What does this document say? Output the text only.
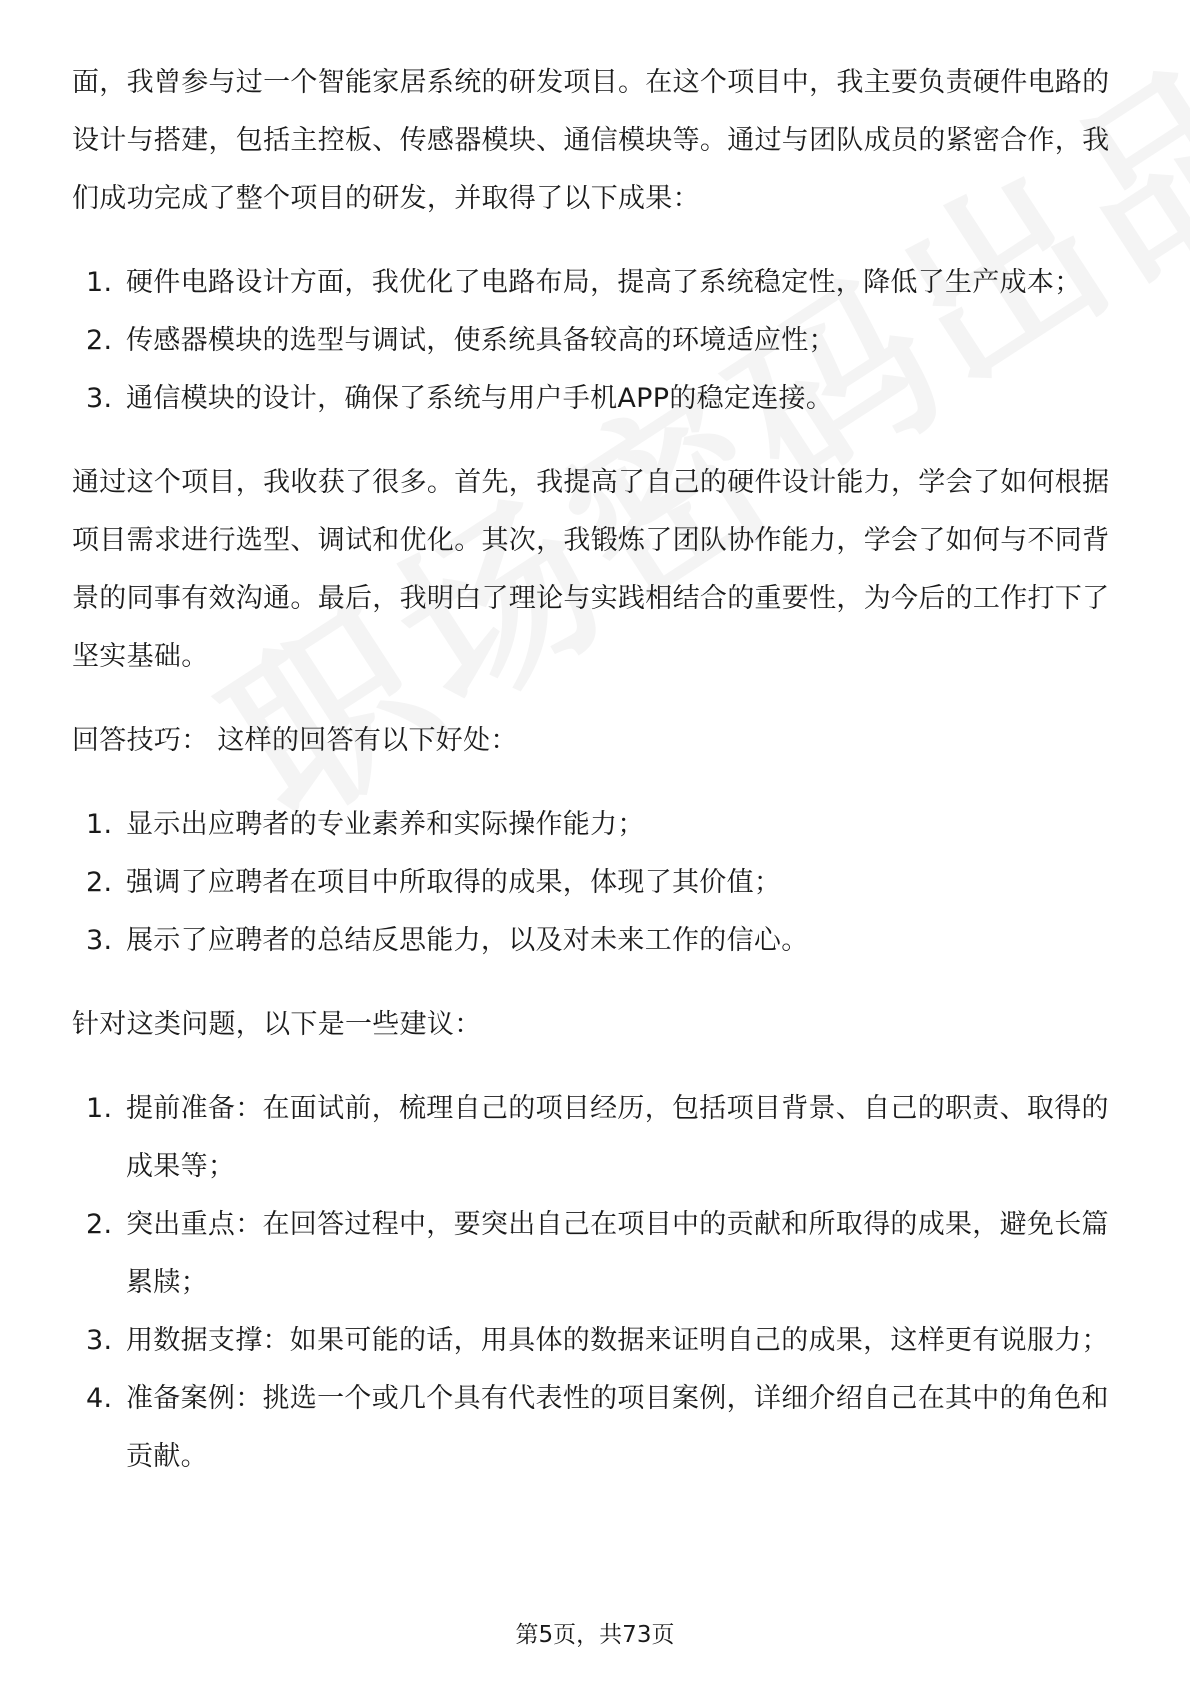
面，我曾参与过一个智能家居系统的研发项目。在这个项目中，我主要负责硬件电路的设计与搭建，包括主控板、传感器模块、通信模块等。通过与团队成员的紧密合作，我们成功完成了整个项目的研发，并取得了以下成果：

1. 硬件电路设计方面，我优化了电路布局，提高了系统稳定性，降低了生产成本；
2. 传感器模块的选型与调试，使系统具备较高的环境适应性；
3. 通信模块的设计，确保了系统与用户手机APP的稳定连接。

通过这个项目，我收获了很多。首先，我提高了自己的硬件设计能力，学会了如何根据项目需求进行选型、调试和优化。其次，我锻炼了团队协作能力，学会了如何与不同背景的同事有效沟通。最后，我明白了理论与实践相结合的重要性，为今后的工作打下了坚实基础。

回答技巧： 这样的回答有以下好处：

1. 显示出应聘者的专业素养和实际操作能力；
2. 强调了应聘者在项目中所取得的成果，体现了其价值；
3. 展示了应聘者的总结反思能力，以及对未来工作的信心。

针对这类问题，以下是一些建议：

1. 提前准备：在面试前，梳理自己的项目经历，包括项目背景、自己的职责、取得的成果等；
2. 突出重点：在回答过程中，要突出自己在项目中的贡献和所取得的成果，避免长篇累牍；
3. 用数据支撑：如果可能的话，用具体的数据来证明自己的成果，这样更有说服力；
4. 准备案例：挑选一个或几个具有代表性的项目案例，详细介绍自己在其中的角色和贡献。
第5页，共73页
